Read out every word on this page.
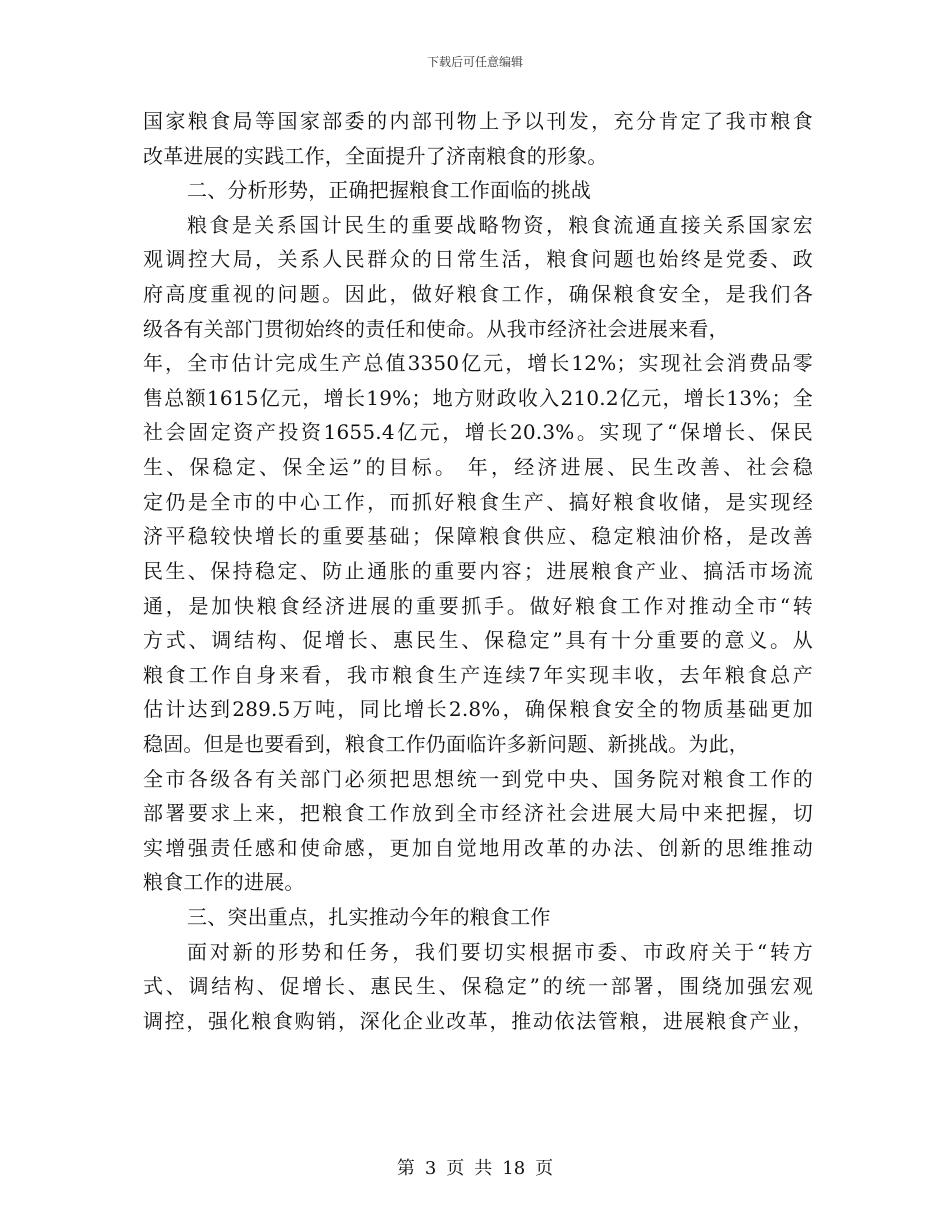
下载后可任意编辑
国家粮食局等国家部委的内部刊物上予以刊发，充分肯定了我市粮食
改革进展的实践工作，全面提升了济南粮食的形象。
二、分析形势，正确把握粮食工作面临的挑战
粮食是关系国计民生的重要战略物资，粮食流通直接关系国家宏
观调控大局，关系人民群众的日常生活，粮食问题也始终是党委、政
府高度重视的问题。因此，做好粮食工作，确保粮食安全，是我们各
级各有关部门贯彻始终的责任和使命。从我市经济社会进展来看，
年，全市估计完成生产总值3350亿元，增长12%；实现社会消费品零
售总额1615亿元，增长19%；地方财政收入210.2亿元，增长13%；全
社会固定资产投资1655.4亿元，增长20.3%。实现了“保增长、保民
生、保稳定、保全运”的目标。 年，经济进展、民生改善、社会稳
定仍是全市的中心工作，而抓好粮食生产、搞好粮食收储，是实现经
济平稳较快增长的重要基础；保障粮食供应、稳定粮油价格，是改善
民生、保持稳定、防止通胀的重要内容；进展粮食产业、搞活市场流
通，是加快粮食经济进展的重要抓手。做好粮食工作对推动全市“转
方式、调结构、促增长、惠民生、保稳定”具有十分重要的意义。从
粮食工作自身来看，我市粮食生产连续7年实现丰收，去年粮食总产
估计达到289.5万吨，同比增长2.8%，确保粮食安全的物质基础更加
稳固。但是也要看到，粮食工作仍面临许多新问题、新挑战。为此，
全市各级各有关部门必须把思想统一到党中央、国务院对粮食工作的
部署要求上来，把粮食工作放到全市经济社会进展大局中来把握，切
实增强责任感和使命感，更加自觉地用改革的办法、创新的思维推动
粮食工作的进展。
三、突出重点，扎实推动今年的粮食工作
面对新的形势和任务，我们要切实根据市委、市政府关于“转方
式、调结构、促增长、惠民生、保稳定”的统一部署，围绕加强宏观
调控，强化粮食购销，深化企业改革，推动依法管粮，进展粮食产业，
第 3 页 共 18 页
